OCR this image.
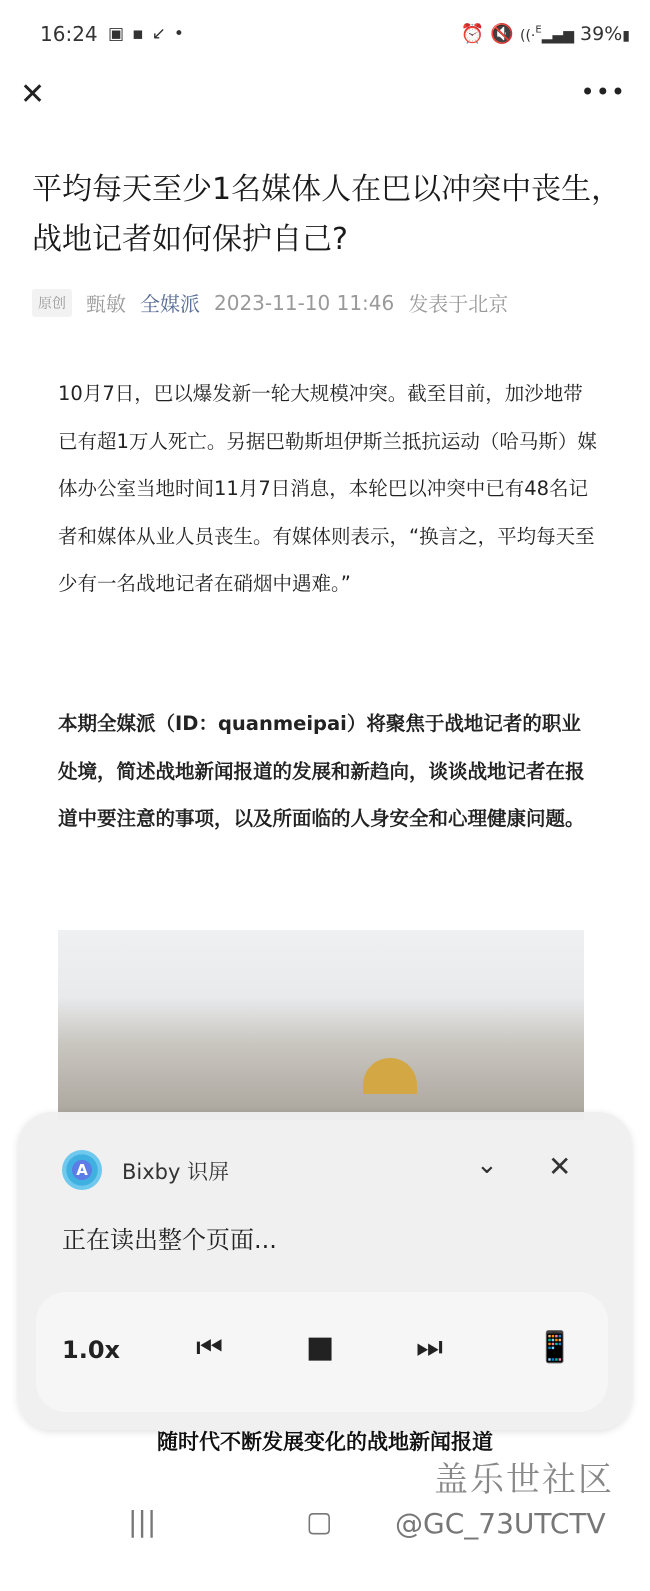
16:24 ▣▪↙•	⏰ 🔇 ((·$^E$▂▄▆ 39%▮
✕	•••
平均每天至少1名媒体人在巴以冲突中丧生，战地记者如何保护自己?
原创	甄敏 全媒派 2023-11-10 11:46 发表于北京

10月7日，巴以爆发新一轮大规模冲突。截至目前，加沙地带已有超1万人死亡。另据巴勒斯坦伊斯兰抵抗运动（哈马斯）媒体办公室当地时间11月7日消息，本轮巴以冲突中已有48名记者和媒体从业人员丧生。有媒体则表示，“换言之，平均每天至少有一名战地记者在硝烟中遇难。”

本期全媒派（ID：quanmeipai）将聚焦于战地记者的职业处境，简述战地新闻报道的发展和新趋向，谈谈战地记者在报道中要注意的事项，以及所面临的人身安全和心理健康问题。

随时代不断发展变化的战地新闻报道
A	Bixby 识屏	⌄ ✕
正在读出整个页面...
1.0x	⏮	■	⏭	📱
盖乐世社区
|||	▢ @GC_73UTCTV
